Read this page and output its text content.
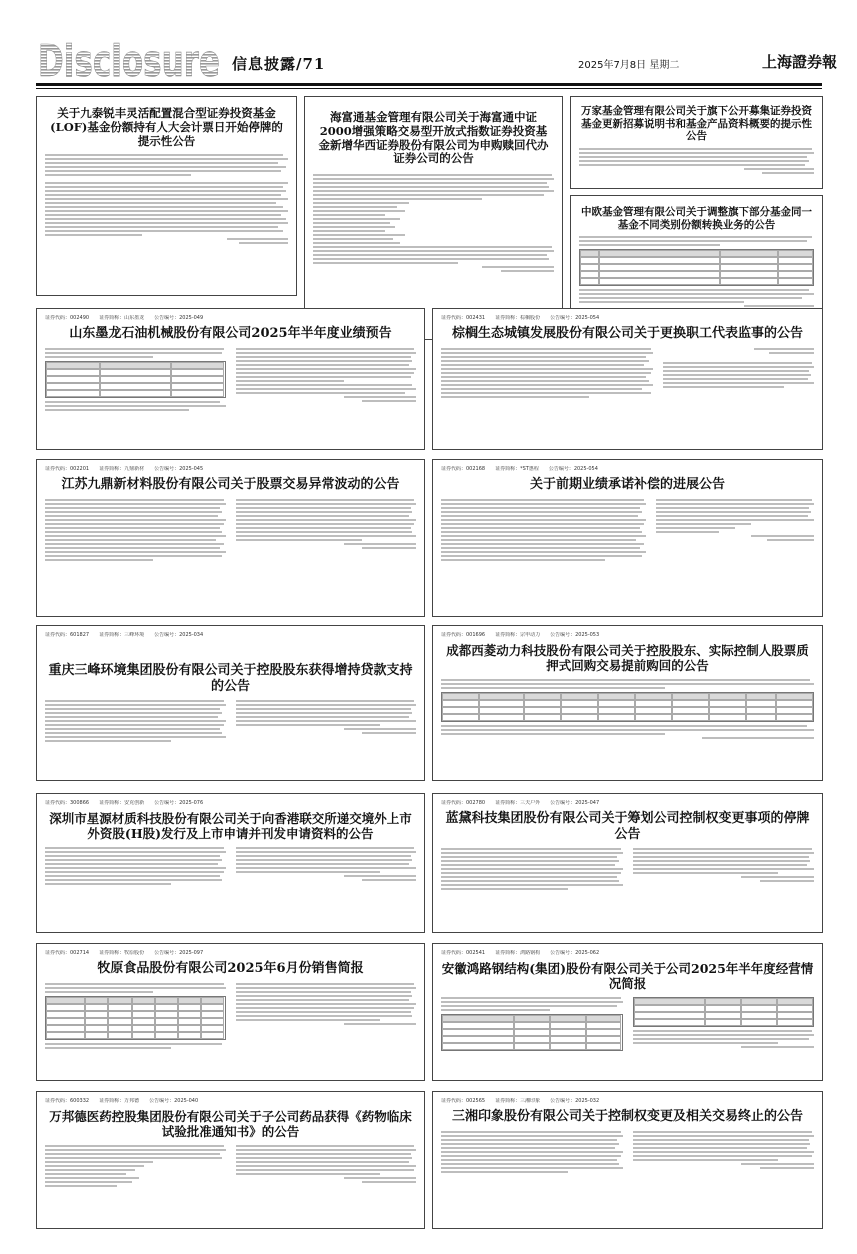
Disclosure 信息披露/71	2025年7月8日 星期二	上海證券報
关于九泰锐丰灵活配置混合型证券投资基金(LOF)基金份额持有人大会计票日开始停牌的提示性公告
海富通基金管理有限公司关于海富通中证2000增强策略交易型开放式指数证券投资基金新增华西证券股份有限公司为申购赎回代办证券公司的公告
万家基金管理有限公司关于旗下公开募集证券投资基金更新招募说明书和基金产品资料概要的提示性公告
中欧基金管理有限公司关于调整旗下部分基金同一基金不同类别份额转换业务的公告
证券代码：002490　　证券简称：山东墨龙　　公告编号：2025-049
山东墨龙石油机械股份有限公司2025年半年度业绩预告
证券代码：002431　　证券简称：棕榈股份　　公告编号：2025-054
棕榈生态城镇发展股份有限公司关于更换职工代表监事的公告
证券代码：002201　　证券简称：九鼎新材　　公告编号：2025-045
江苏九鼎新材料股份有限公司关于股票交易异常波动的公告
证券代码：002168　　证券简称：*ST惠程　　公告编号：2025-054
关于前期业绩承诺补偿的进展公告
证券代码：601827　　证券简称：三峰环境　　公告编号：2025-034
重庆三峰环境集团股份有限公司关于控股股东获得增持贷款支持的公告
证券代码：001696　　证券简称：宗申动力　　公告编号：2025-053
成都西菱动力科技股份有限公司关于控股股东、实际控制人股票质押式回购交易提前购回的公告
证券代码：300866　　证券简称：安克创新　　公告编号：2025-076
深圳市星源材质科技股份有限公司关于向香港联交所递交境外上市外资股(H股)发行及上市申请并刊发申请资料的公告
证券代码：002780　　证券简称：三夫户外　　公告编号：2025-047
蓝黛科技集团股份有限公司关于筹划公司控制权变更事项的停牌公告
证券代码：002714　　证券简称：牧原股份　　公告编号：2025-097
牧原食品股份有限公司2025年6月份销售简报
证券代码：002541　　证券简称：鸿路钢构　　公告编号：2025-062
安徽鸿路钢结构(集团)股份有限公司关于公司2025年半年度经营情况简报
证券代码：600332　　证券简称：万邦德　　公告编号：2025-040
万邦德医药控股集团股份有限公司关于子公司药品获得《药物临床试验批准通知书》的公告
证券代码：002565　　证券简称：三湘印象　　公告编号：2025-032
三湘印象股份有限公司关于控制权变更及相关交易终止的公告
